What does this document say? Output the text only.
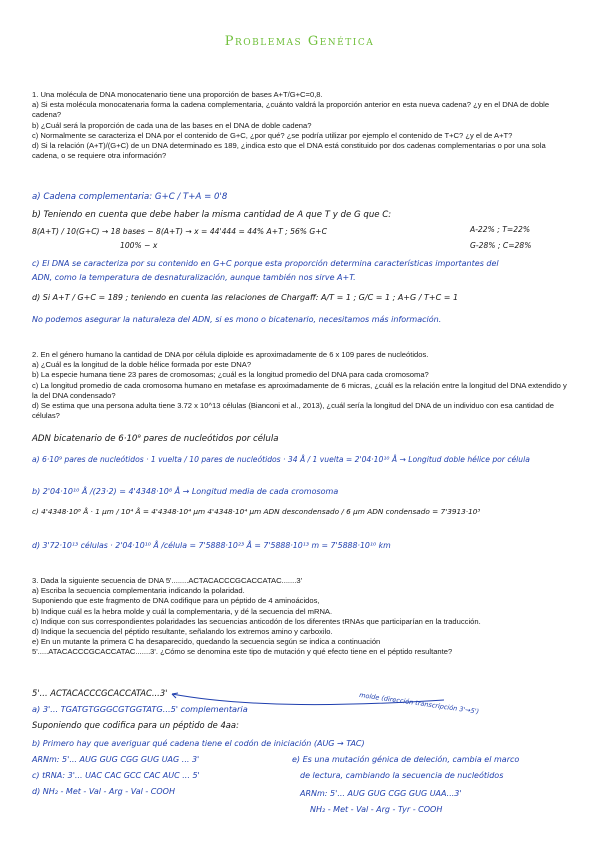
Problemas Genética

1. Una molécula de DNA monocatenario tiene una proporción de bases A+T/G+C=0,8.

a) Si esta molécula monocatenaria forma la cadena complementaria, ¿cuánto valdrá la proporción anterior en esta nueva cadena? ¿y en el DNA de doble cadena?

b) ¿Cuál será la proporción de cada una de las bases en el DNA de doble cadena?

c) Normalmente se caracteriza el DNA por el contenido de G+C, ¿por qué? ¿se podría utilizar por ejemplo el contenido de T+C? ¿y el de A+T?

d) Si la relación (A+T)/(G+C) de un DNA determinado es 189, ¿indica esto que el DNA está constituido por dos cadenas complementarias o por una sola cadena, o se requiere otra información?

a) Cadena complementaria: G+C / T+A = 0'8
b) Teniendo en cuenta que debe haber la misma cantidad de A que T y de G que C:
8(A+T) / 10(G+C) → 18 bases − 8(A+T) → x = 44'444 = 44% A+T ; 56% G+C
100% − x
A-22% ; T=22%
G-28% ; C=28%
c) El DNA se caracteriza por su contenido en G+C porque esta proporción determina características importantes del
ADN, como la temperatura de desnaturalización, aunque también nos sirve A+T.
d) Si A+T / G+C = 189 ; teniendo en cuenta las relaciones de Chargaff: A/T = 1 ; G/C = 1 ; A+G / T+C = 1
No podemos asegurar la naturaleza del ADN, si es mono o bicatenario, necesitamos más información.

2. En el género humano la cantidad de DNA por célula diploide es aproximadamente de 6 x 109 pares de nucleótidos.

a) ¿Cuál es la longitud de la doble hélice formada por este DNA?

b) La especie humana tiene 23 pares de cromosomas; ¿cuál es la longitud promedio del DNA para cada cromosoma?

c) La longitud promedio de cada cromosoma humano en metafase es aproximadamente de 6 micras, ¿cuál es la relación entre la longitud del DNA extendido y la del DNA condensado?

d) Se estima que una persona adulta tiene 3.72 x 10^13 células (Bianconi et al., 2013), ¿cuál sería la longitud del DNA de un individuo con esa cantidad de células?

ADN bicatenario de 6·10⁹ pares de nucleótidos por célula
a) 6·10⁹ pares de nucleótidos · 1 vuelta / 10 pares de nucleótidos · 34 Å / 1 vuelta = 2'04·10¹⁰ Å → Longitud doble hélice por célula
b) 2'04·10¹⁰ Å /(23·2) = 4'4348·10⁸ Å → Longitud media de cada cromosoma
c) 4'4348·10⁸ Å · 1 µm / 10⁴ Å = 4'4348·10⁴ µm 4'4348·10⁴ µm ADN descondensado / 6 µm ADN condensado = 7'3913·10³
d) 3'72·10¹³ células · 2'04·10¹⁰ Å /célula = 7'5888·10²³ Å = 7'5888·10¹³ m = 7'5888·10¹⁰ km

3. Dada la siguiente secuencia de DNA 5'........ACTACACCCGCACCATAC.......3'

a) Escriba la secuencia complementaria indicando la polaridad.

Suponiendo que este fragmento de DNA codifique para un péptido de 4 aminoácidos,

b) Indique cuál es la hebra molde y cuál la complementaria, y dé la secuencia del mRNA.

c) Indique con sus correspondientes polaridades las secuencias anticodón de los diferentes tRNAs que participarían en la traducción.

d) Indique la secuencia del péptido resultante, señalando los extremos amino y carboxilo.

e) En un mutante la primera C ha desaparecido, quedando la secuencia según se indica a continuación

5'.....ATACACCCGCACCATAC.......3'. ¿Cómo se denomina este tipo de mutación y qué efecto tiene en el péptido resultante?

5'... ACTACACCCGCACCATAC...3'	molde (dirección transcripción 3'→5')
a) 3'... TGATGTGGGCGTGGTATG...5' complementaria
Suponiendo que codifica para un péptido de 4aa:
b) Primero hay que averiguar qué cadena tiene el codón de iniciación (AUG → TAC)
ARNm: 5'... AUG GUG CGG GUG UAG ... 3'
c) tRNA: 3'... UAC CAC GCC CAC AUC ... 5'
d) NH₂ - Met - Val - Arg - Val - COOH
e) Es una mutación génica de deleción, cambia el marco
de lectura, cambiando la secuencia de nucleótidos
ARNm: 5'... AUG GUG CGG GUG UAA...3'
NH₂ - Met - Val - Arg - Tyr - COOH
